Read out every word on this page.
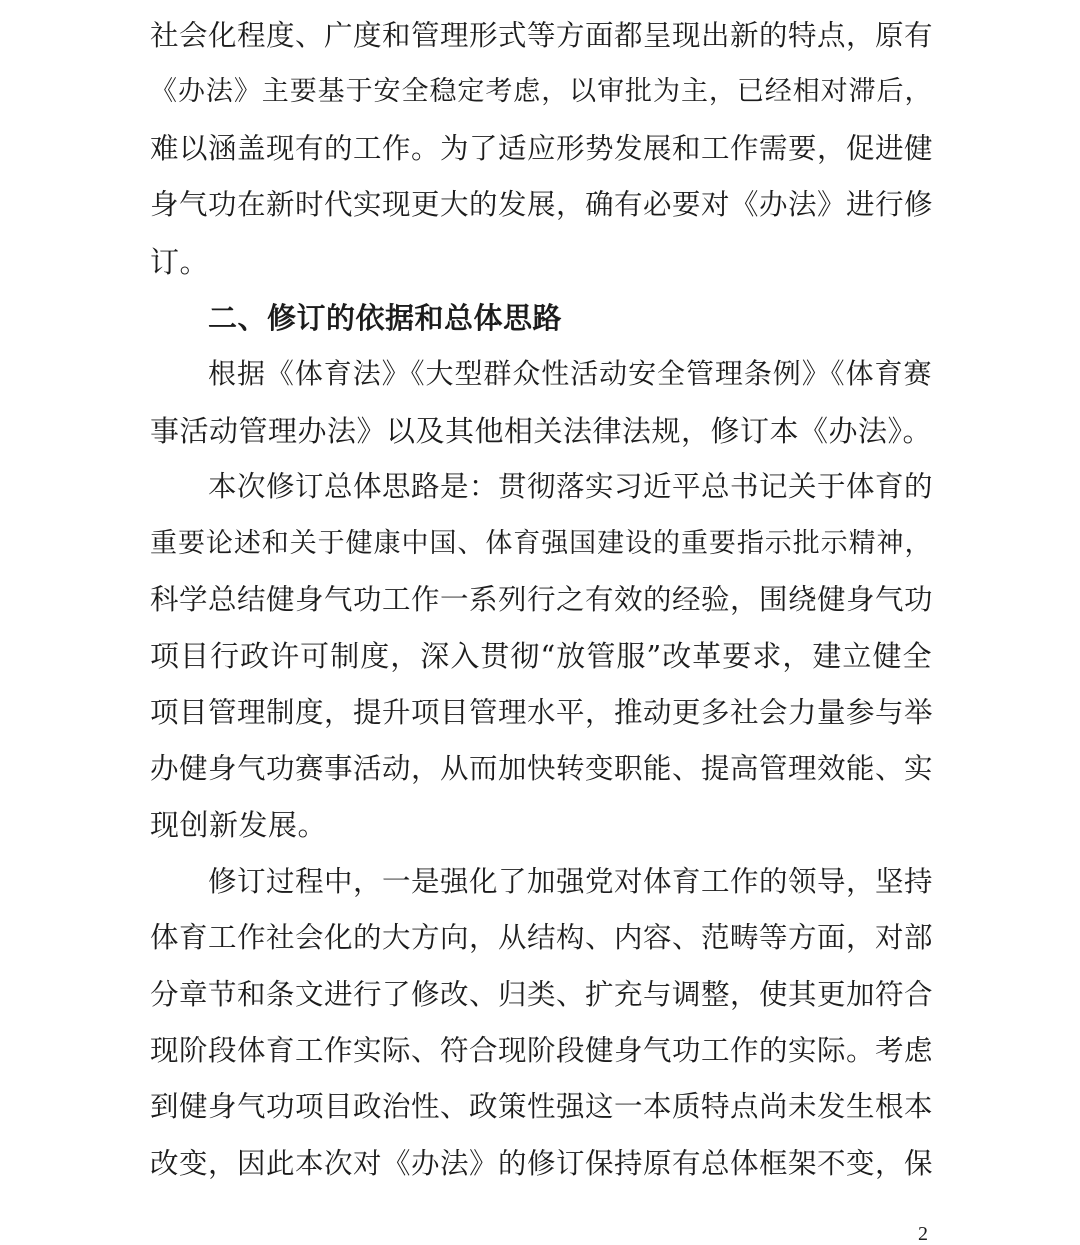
社会化程度、广度和管理形式等方面都呈现出新的特点，原有
《办法》主要基于安全稳定考虑，以审批为主，已经相对滞后，
难以涵盖现有的工作。为了适应形势发展和工作需要，促进健
身气功在新时代实现更大的发展，确有必要对《办法》进行修
订。
二、修订的依据和总体思路
根据《体育法》《大型群众性活动安全管理条例》《体育赛
事活动管理办法》以及其他相关法律法规，修订本《办法》。
本次修订总体思路是：贯彻落实习近平总书记关于体育的
重要论述和关于健康中国、体育强国建设的重要指示批示精神，
科学总结健身气功工作一系列行之有效的经验，围绕健身气功
项目行政许可制度，深入贯彻“放管服”改革要求，建立健全
项目管理制度，提升项目管理水平，推动更多社会力量参与举
办健身气功赛事活动，从而加快转变职能、提高管理效能、实
现创新发展。
修订过程中，一是强化了加强党对体育工作的领导，坚持
体育工作社会化的大方向，从结构、内容、范畴等方面，对部
分章节和条文进行了修改、归类、扩充与调整，使其更加符合
现阶段体育工作实际、符合现阶段健身气功工作的实际。考虑
到健身气功项目政治性、政策性强这一本质特点尚未发生根本
改变，因此本次对《办法》的修订保持原有总体框架不变，保
2
